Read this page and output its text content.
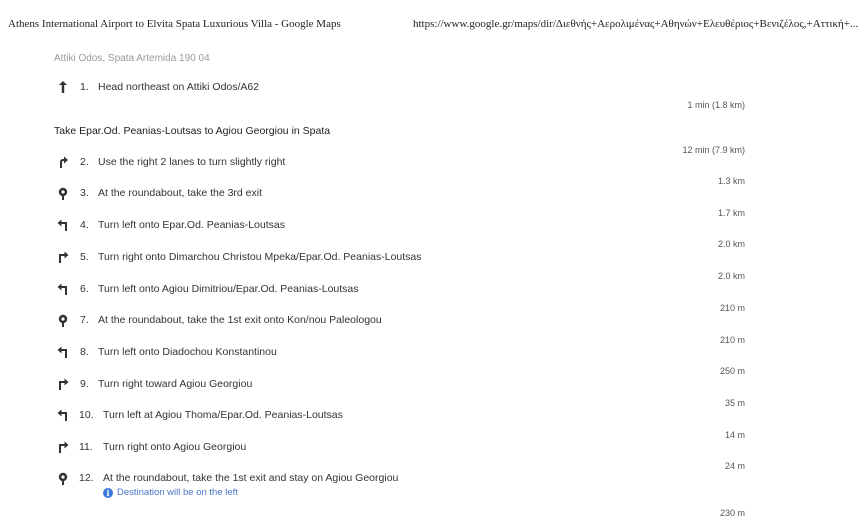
Athens International Airport to Elvita Spata Luxurious Villa - Google Maps	https://www.google.gr/maps/dir/Διεθνής+Αερολιμένας+Αθηνών+Ελευθέριος+Βενιζέλος,+Αττική+...
Attiki Odos, Spata Artemida 190 04
1. Head northeast on Attiki Odos/A62
1 min (1.8 km)
Take Epar.Od. Peanias-Loutsas to Agiou Georgiou in Spata
12 min (7.9 km)
2. Use the right 2 lanes to turn slightly right
1.3 km
3. At the roundabout, take the 3rd exit
1.7 km
4. Turn left onto Epar.Od. Peanias-Loutsas
2.0 km
5. Turn right onto Dimarchou Christou Mpeka/Epar.Od. Peanias-Loutsas
2.0 km
6. Turn left onto Agiou Dimitriou/Epar.Od. Peanias-Loutsas
210 m
7. At the roundabout, take the 1st exit onto Kon/nou Paleologou
210 m
8. Turn left onto Diadochou Konstantinou
250 m
9. Turn right toward Agiou Georgiou
35 m
10. Turn left at Agiou Thoma/Epar.Od. Peanias-Loutsas
14 m
11. Turn right onto Agiou Georgiou
24 m
12. At the roundabout, take the 1st exit and stay on Agiou Georgiou
i Destination will be on the left
230 m
